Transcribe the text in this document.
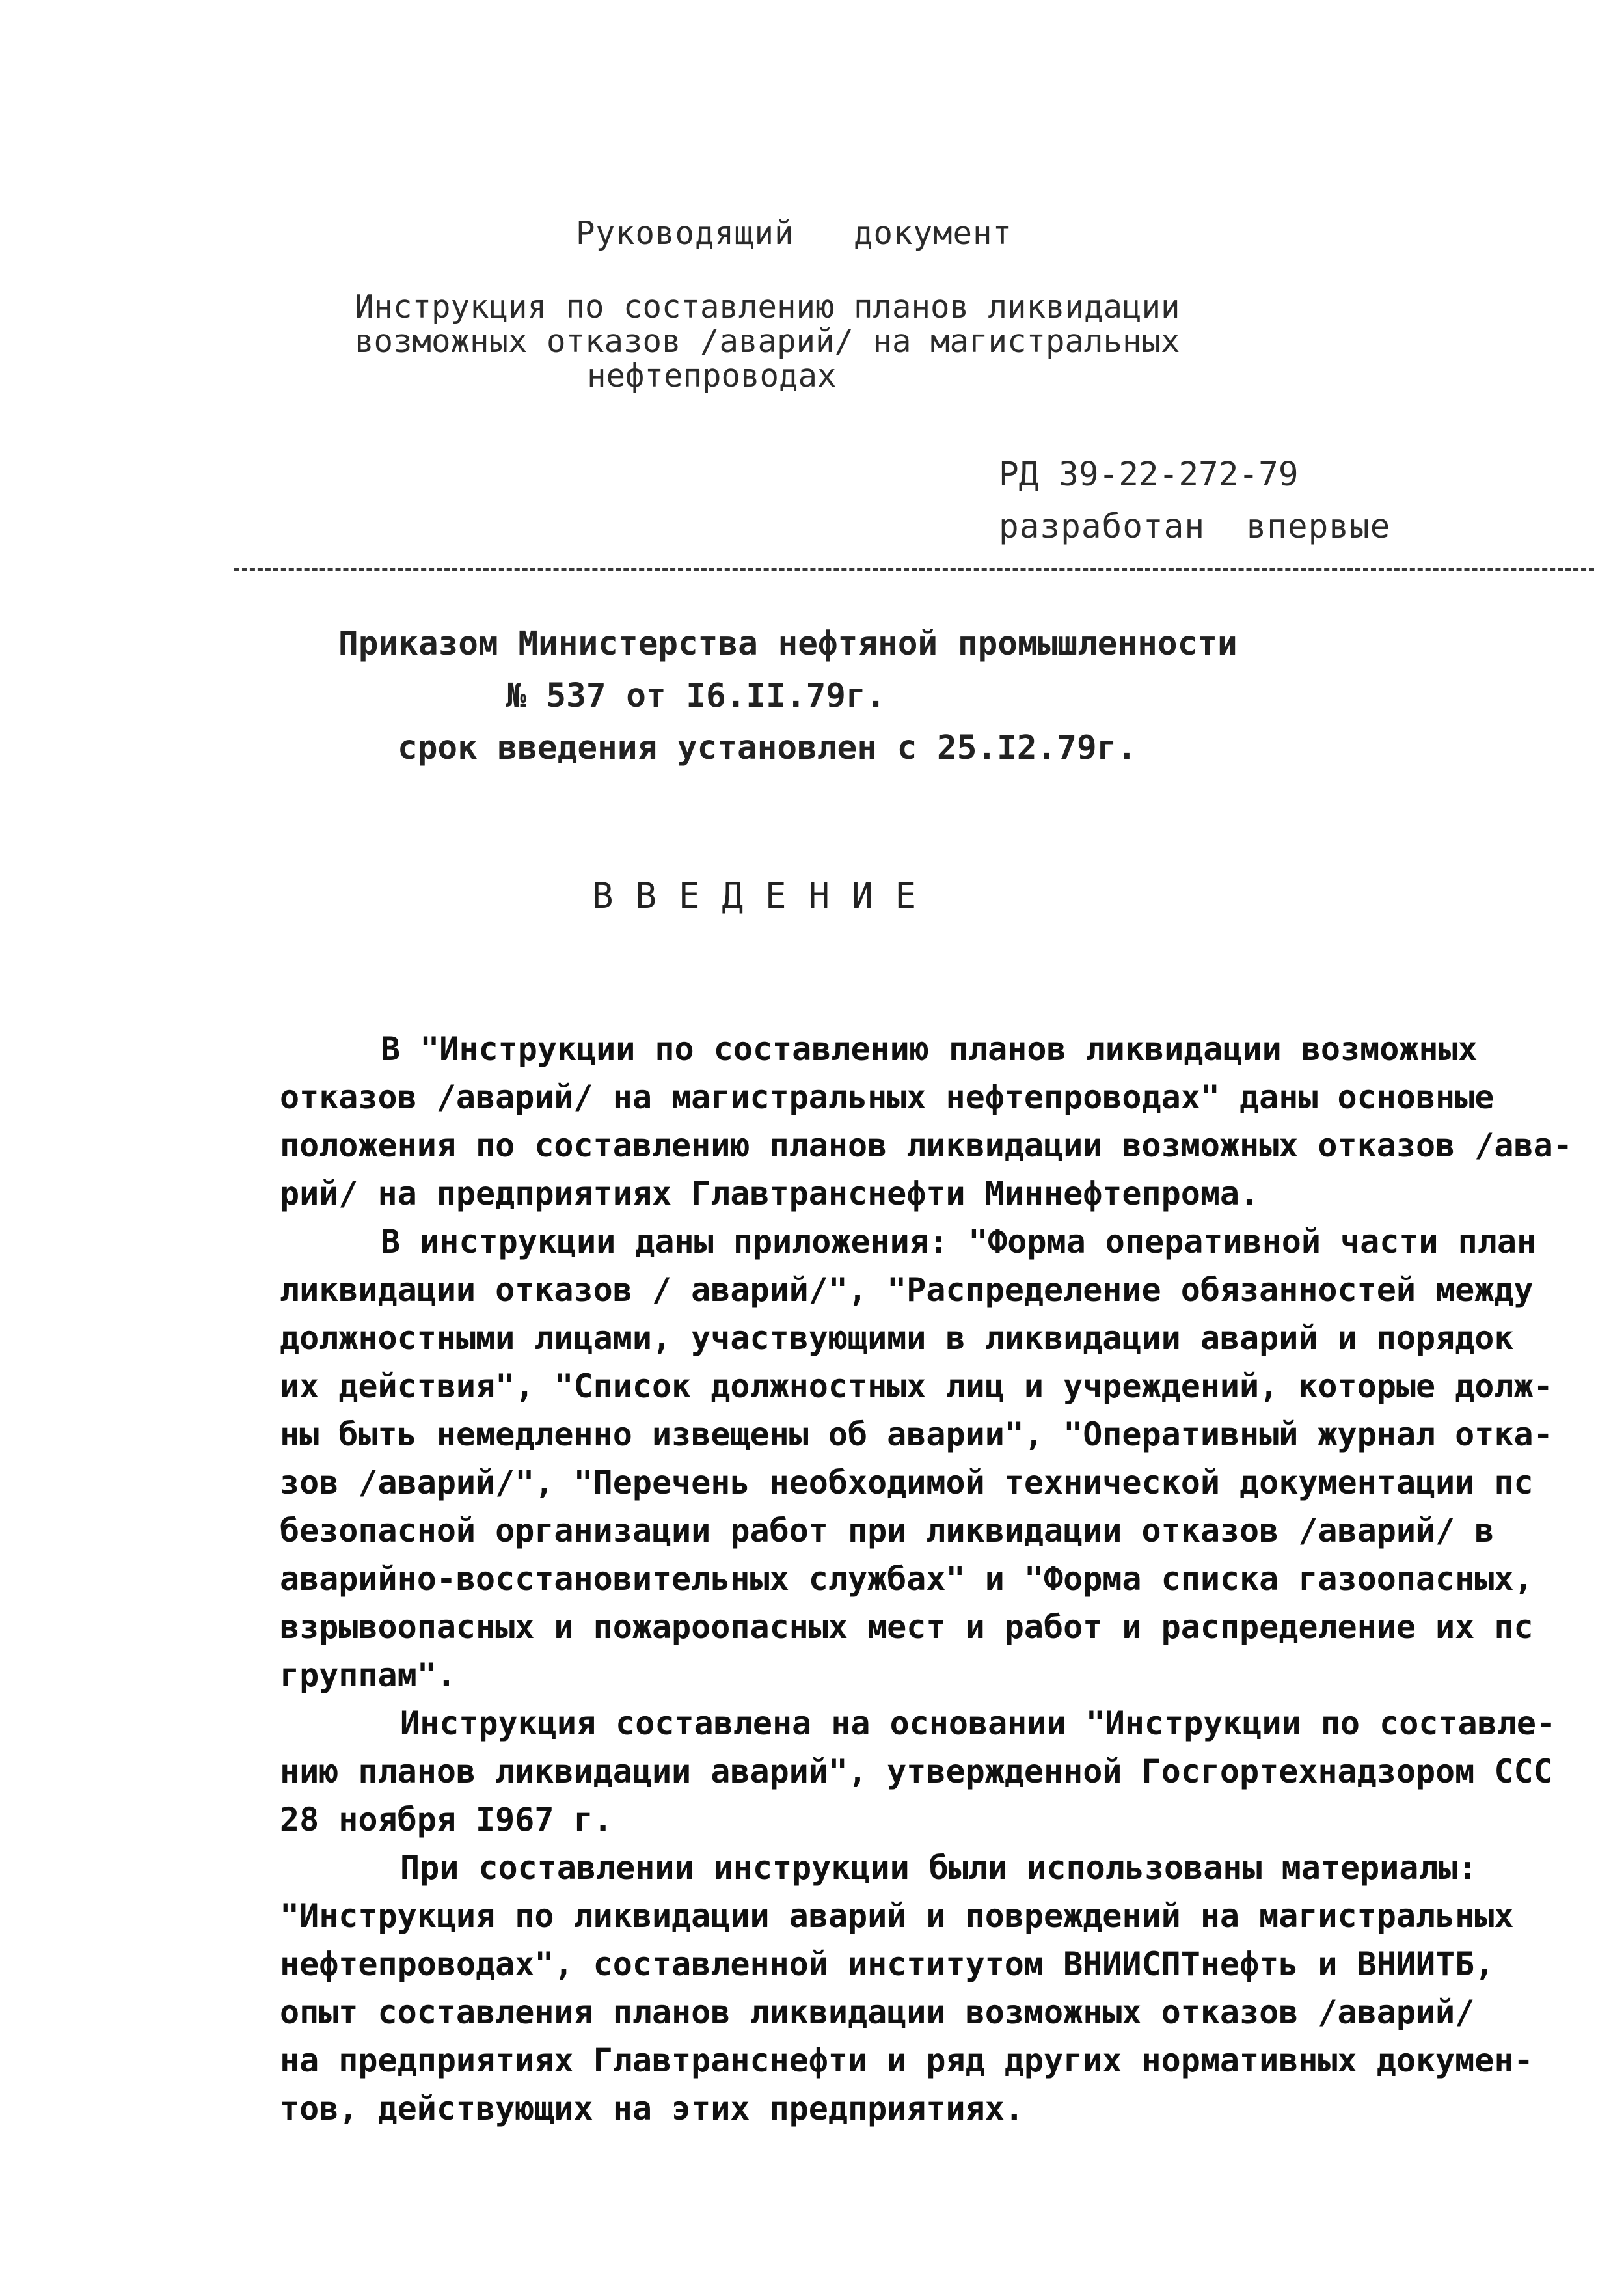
Руководящий   документ
Инструкция по составлению планов ликвидации
возможных отказов /аварий/ на магистральных
нефтепроводах
РД 39-22-272-79
разработан  впервые
Приказом Министерства нефтяной промышленности
№ 537 от I6.II.79г.
срок введения установлен с 25.I2.79г.
ВВЕДЕНИЕ
В "Инструкции по составлению планов ликвидации возможных
отказов /аварий/ на магистральных нефтепроводах" даны основные
положения по составлению планов ликвидации возможных отказов /ава-
рий/ на предприятиях Главтранснефти Миннефтепрома.
В инструкции даны приложения: "Форма оперативной части план
ликвидации отказов / аварий/", "Распределение обязанностей между
должностными лицами, участвующими в ликвидации аварий и порядок
их действия", "Список должностных лиц и учреждений, которые долж-
ны быть немедленно извещены об аварии", "Оперативный журнал отка-
зов /аварий/", "Перечень необходимой технической документации пс
безопасной организации работ при ликвидации отказов /аварий/ в
аварийно-восстановительных службах" и "Форма списка газоопасных,
взрывоопасных и пожароопасных мест и работ и распределение их пс
группам".
Инструкция составлена на основании "Инструкции по составле-
нию планов ликвидации аварий", утвержденной Госгортехнадзором ССС
28 ноября I967 г.
При составлении инструкции были использованы материалы:
"Инструкция по ликвидации аварий и повреждений на магистральных
нефтепроводах", составленной институтом ВНИИСПТнефть и ВНИИТБ,
опыт составления планов ликвидации возможных отказов /аварий/
на предприятиях Главтранснефти и ряд других нормативных докумен-
тов, действующих на этих предприятиях.
